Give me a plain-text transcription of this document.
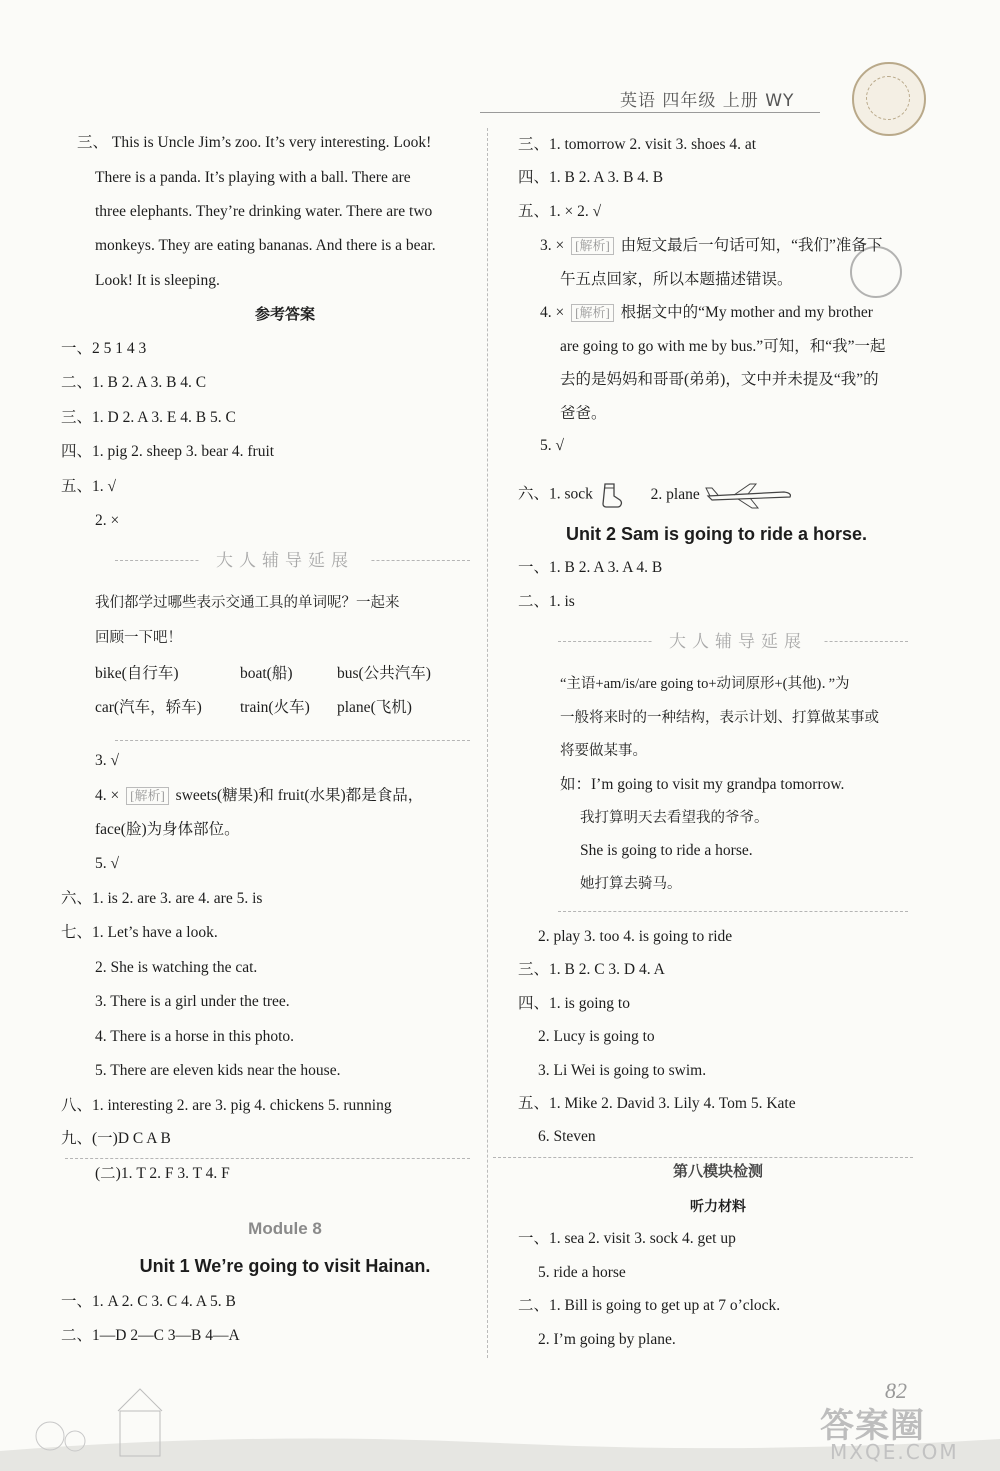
英语 四年级 上册 WY
三、 This is Uncle Jim’s zoo. It’s very interesting. Look!
There is a panda. It’s playing with a ball. There are
three elephants. They’re drinking water. There are two
monkeys. They are eating bananas. And there is a bear.
Look! It is sleeping.
参考答案
一、2 5 1 4 3
二、1. B 2. A 3. B 4. C
三、1. D 2. A 3. E 4. B 5. C
四、1. pig 2. sheep 3. bear 4. fruit
五、1. √
2. ×
大人辅导延展
我们都学过哪些表示交通工具的单词呢？一起来
回顾一下吧！
bike(自行车)	boat(船)	bus(公共汽车)
car(汽车，轿车) train(火车) plane(飞机)
3. √
4. × [解析] sweets(糖果)和 fruit(水果)都是食品，
face(脸)为身体部位。
5. √
六、1. is 2. are 3. are 4. are 5. is
七、1. Let’s have a look.
2. She is watching the cat.
3. There is a girl under the tree.
4. There is a horse in this photo.
5. There are eleven kids near the house.
八、1. interesting 2. are 3. pig 4. chickens 5. running
九、(一)D C A B
(二)1. T 2. F 3. T 4. F
Module 8
Unit 1 We’re going to visit Hainan.
一、1. A 2. C 3. C 4. A 5. B
二、1—D 2—C 3—B 4—A
三、1. tomorrow 2. visit 3. shoes 4. at
四、1. B 2. A 3. B 4. B
五、1. × 2. √
3. × [解析] 由短文最后一句话可知，“我们”准备下
午五点回家，所以本题描述错误。
4. × [解析] 根据文中的“My mother and my brother
are going to go with me by bus.”可知，和“我”一起
去的是妈妈和哥哥(弟弟)，文中并未提及“我”的
爸爸。
5. √
六、1. sock	2. plane
Unit 2 Sam is going to ride a horse.
一、1. B 2. A 3. A 4. B
二、1. is
大人辅导延展
“主语+am/is/are going to+动词原形+(其他)．”为
一般将来时的一种结构，表示计划、打算做某事或
将要做某事。
如：I’m going to visit my grandpa tomorrow.
我打算明天去看望我的爷爷。
She is going to ride a horse.
她打算去骑马。
2. play 3. too 4. is going to ride
三、1. B 2. C 3. D 4. A
四、1. is going to
2. Lucy is going to
3. Li Wei is going to swim.
五、1. Mike 2. David 3. Lily 4. Tom 5. Kate
6. Steven
第八模块检测
听力材料
一、1. sea 2. visit 3. sock 4. get up
5. ride a horse
二、1. Bill is going to get up at 7 o’clock.
2. I’m going by plane.
82
答案圈
MXQE.COM
